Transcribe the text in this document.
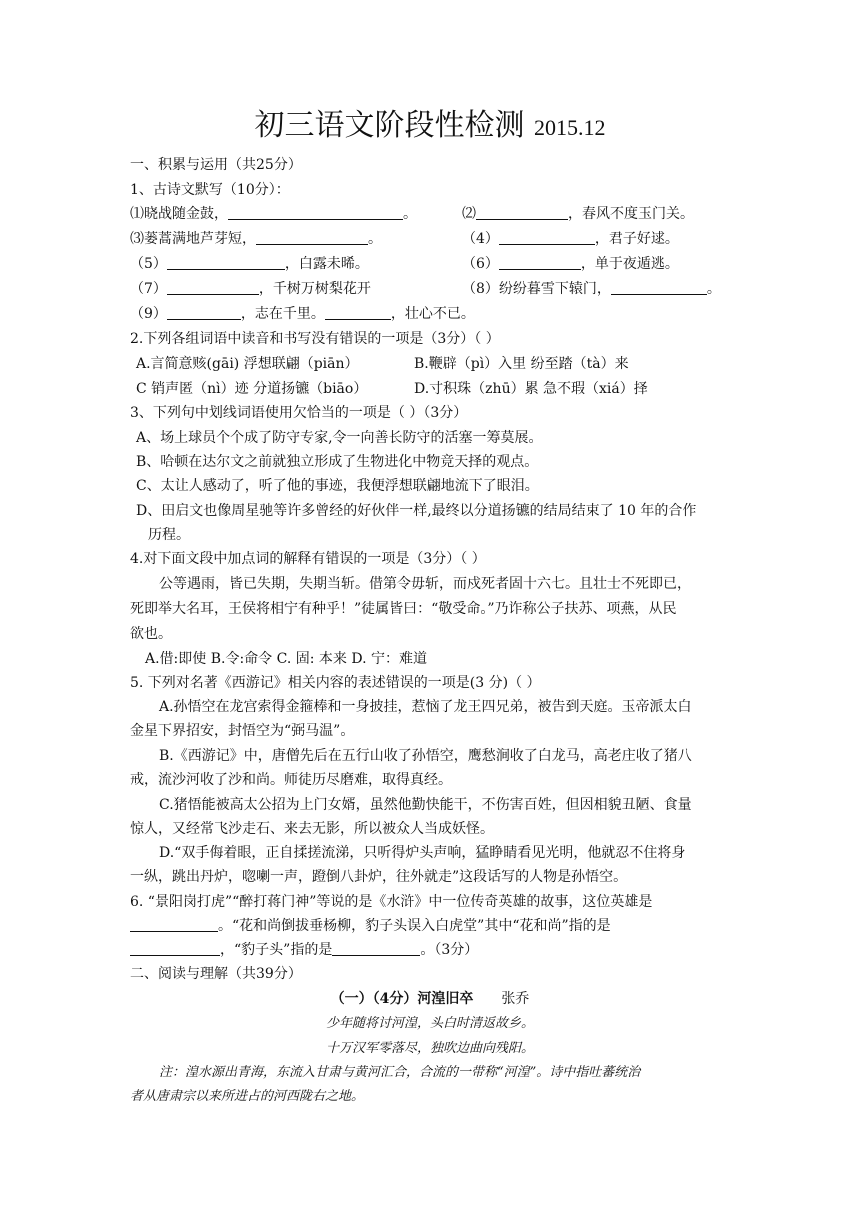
初三语文阶段性检测 2015.12
一、积累与运用（共25分）
1、古诗文默写（10分）：
⑴晓战随金鼓，	。	⑵	，春风不度玉门关。
⑶蒌蒿满地芦芽短，	。	（4）	，君子好逑。
（5）	，白露未晞。	（6）	，单于夜遁逃。
（7）	，千树万树梨花开	（8）纷纷暮雪下辕门，	。
（9）	，志在千里。	，壮心不已。
2.下列各组词语中读音和书写没有错误的一项是（3分）（ ）
A.言简意赅(gāi) 浮想联翩（piān）	B.鞭辟（pì）入里 纷至踏（tà）来
C 销声匿（nì）迹 分道扬镳（biāo）	D.寸积珠（zhū）累 急不瑕（xiá）择
3、下列句中划线词语使用欠恰当的一项是（ ）（3分）
A、场上球员个个成了防守专家,令一向善长防守的活塞一筹莫展。
B、哈顿在达尔文之前就独立形成了生物进化中物竞天择的观点。
C、太让人感动了，听了他的事迹，我便浮想联翩地流下了眼泪。
D、田启文也像周星驰等许多曾经的好伙伴一样,最终以分道扬镳的结局结束了 10 年的合作
历程。
4.对下面文段中加点词的解释有错误的一项是（3分）（ ）
公等遇雨，皆已失期，失期当斩。借第令毋斩，而戍死者固十六七。且壮士不死即已，
死即举大名耳，王侯将相宁有种乎！”徒属皆曰：“敬受命。”乃诈称公子扶苏、项燕，从民
欲也。
A.借:即使 B.令:命令 C. 固: 本来 D. 宁：难道
5. 下列对名著《西游记》相关内容的表述错误的一项是(3 分)（ ）
A.孙悟空在龙宫索得金箍棒和一身披挂，惹恼了龙王四兄弟，被告到天庭。玉帝派太白
金星下界招安，封悟空为“弼马温”。
B.《西游记》中，唐僧先后在五行山收了孙悟空，鹰愁涧收了白龙马，高老庄收了猪八
戒，流沙河收了沙和尚。师徒历尽磨难，取得真经。
C.猪悟能被高太公招为上门女婿，虽然他勤快能干，不伤害百姓，但因相貌丑陋、食量
惊人，又经常飞沙走石、来去无影，所以被众人当成妖怪。
D.“双手侮着眼，正自揉搓流涕，只听得炉头声响，猛睁睛看见光明，他就忍不住将身
一纵，跳出丹炉，唿喇一声，蹬倒八卦炉，往外就走”这段话写的人物是孙悟空。
6. “景阳岗打虎”“醉打蒋门神”等说的是《水浒》中一位传奇英雄的故事，这位英雄是
。“花和尚倒拔垂杨柳，豹子头误入白虎堂”其中“花和尚”指的是
，“豹子头”指的是	。（3分）
二、阅读与理解（共39分）
（一）（4分）河湟旧卒 张乔
少年随将讨河湟，头白时清返故乡。
十万汉军零落尽，独吹边曲向残阳。
注：湟水源出青海，东流入甘肃与黄河汇合，合流的一带称“河湟”。诗中指吐蕃统治
者从唐肃宗以来所进占的河西陇右之地。
